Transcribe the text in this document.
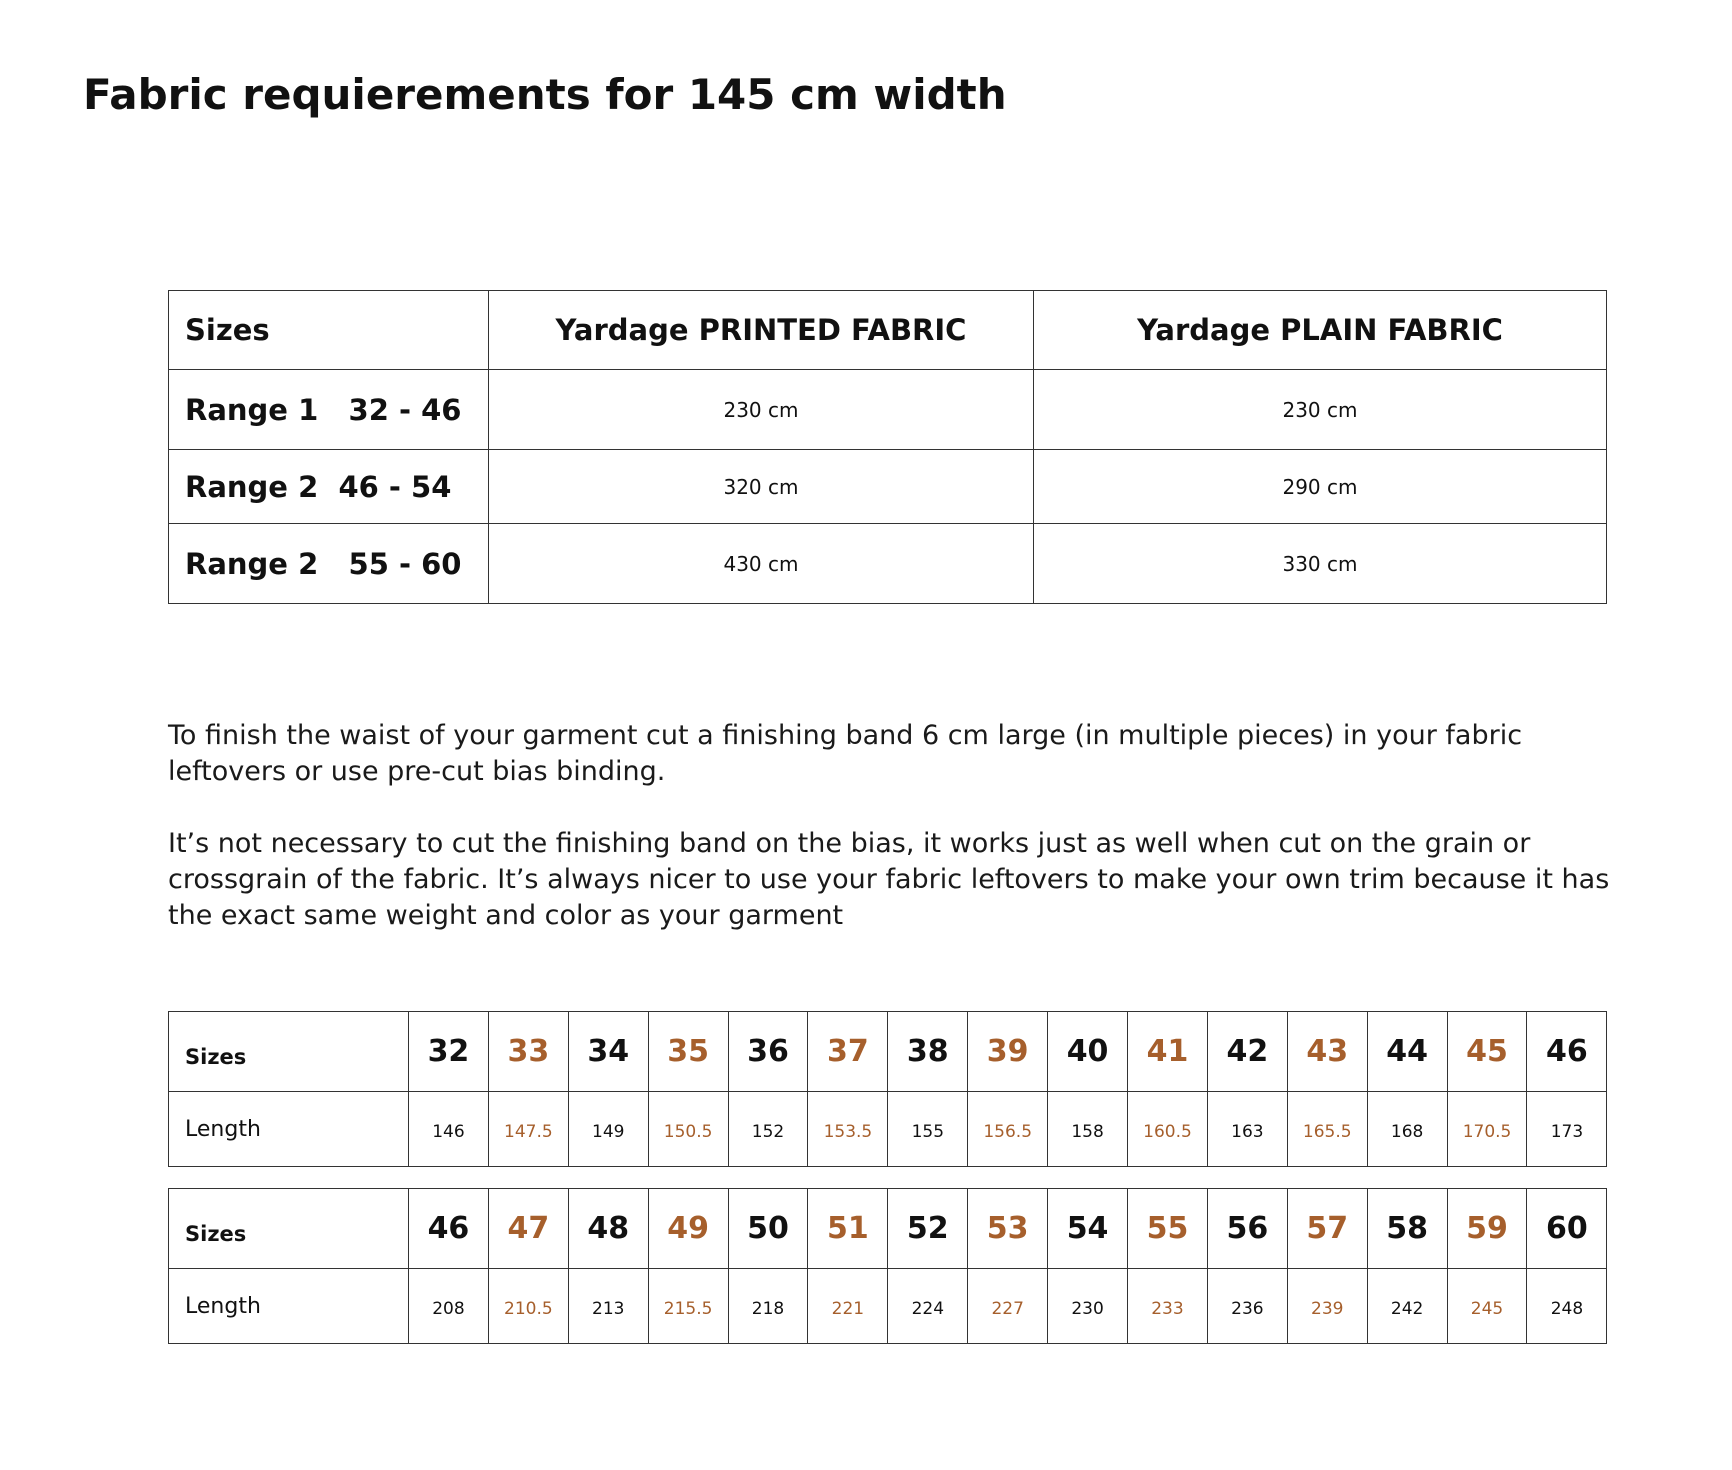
Fabric requierements for 145 cm width
Sizes	Yardage PRINTED FABRIC	Yardage PLAIN FABRIC
Range 1   32 - 46	230 cm	230 cm
Range 2  46 - 54	320 cm	290 cm
Range 2   55 - 60	430 cm	330 cm

To finish the waist of your garment cut a finishing band 6 cm large (in multiple pieces) in your fabric leftovers or use pre-cut bias binding.

It’s not necessary to cut the finishing band on the bias, it works just as well when cut on the grain or crossgrain of the fabric. It’s always nicer to use your fabric leftovers to make your own trim because it has the exact same weight and color as your garment

Sizes	32	33	34	35	36	37	38	39	40	41	42	43	44	45	46
Length	146	147.5	149	150.5	152	153.5	155	156.5	158	160.5	163	165.5	168	170.5	173
Sizes	46	47	48	49	50	51	52	53	54	55	56	57	58	59	60
Length	208	210.5	213	215.5	218	221	224	227	230	233	236	239	242	245	248
